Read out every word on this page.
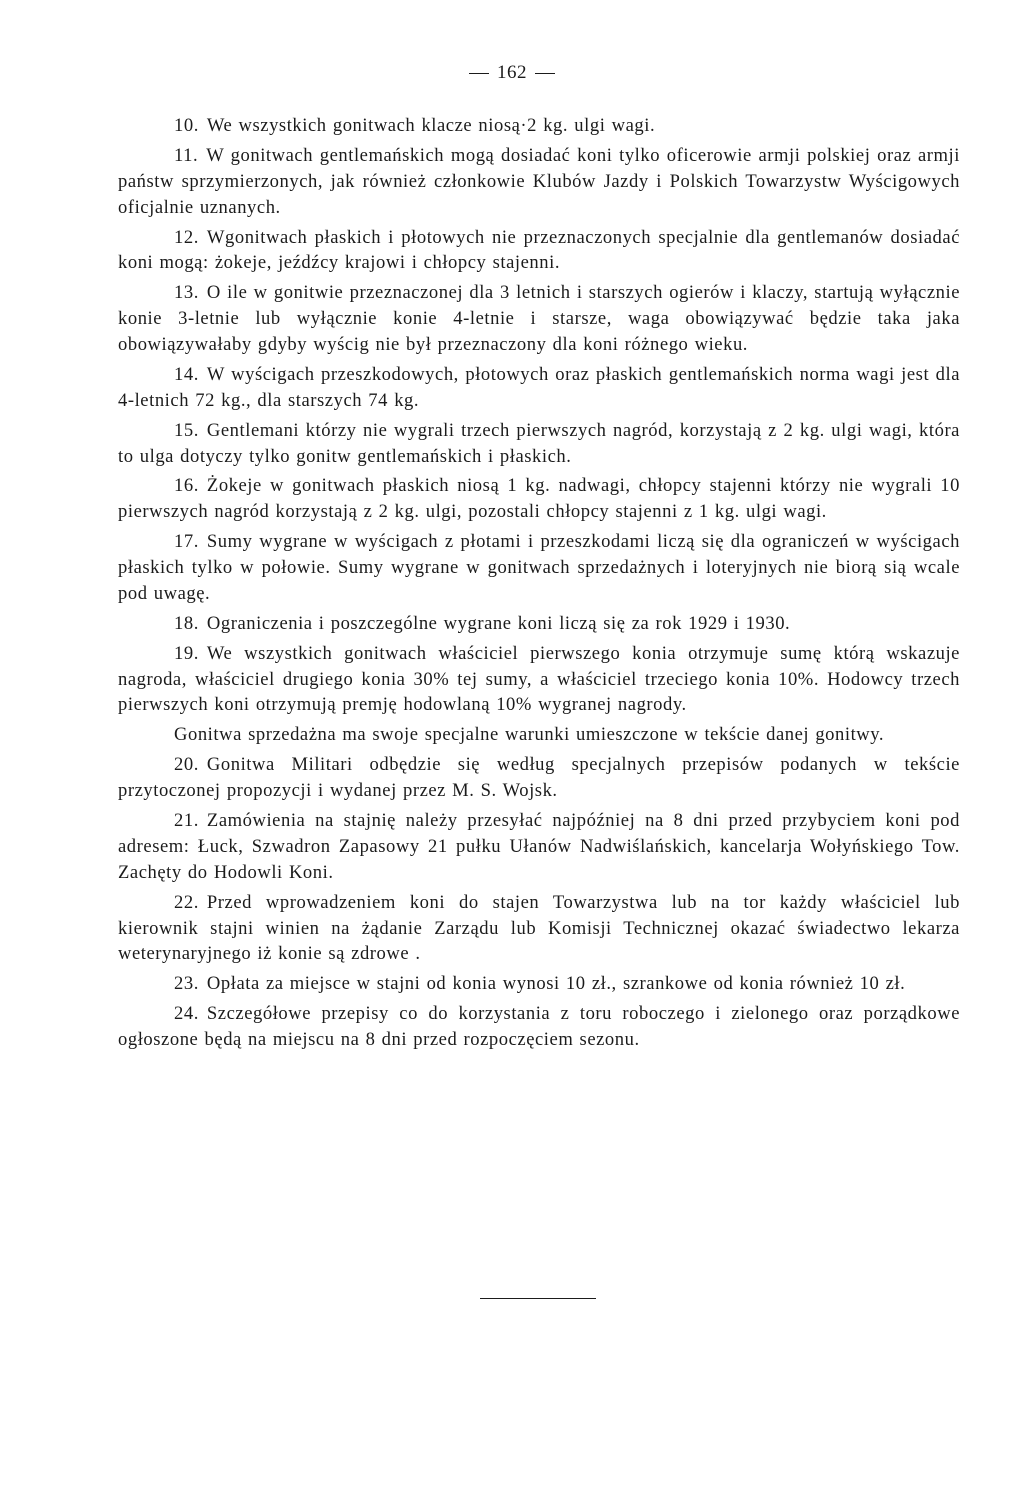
162

10. We wszystkich gonitwach klacze niosą·2 kg. ulgi wagi.

11. W gonitwach gentlemańskich mogą dosiadać koni tylko oficerowie armji polskiej oraz armji państw sprzymierzonych, jak również członkowie Klubów Jazdy i Polskich Towarzystw Wyścigowych oficjalnie uznanych.

12. Wgonitwach płaskich i płotowych nie przeznaczonych specjalnie dla gentlemanów dosiadać koni mogą: żokeje, jeźdźcy krajowi i chłopcy stajenni.

13. O ile w gonitwie przeznaczonej dla 3 letnich i starszych ogierów i klaczy, startują wyłącznie konie 3-letnie lub wyłącznie konie 4-letnie i starsze, waga obowiązywać będzie taka jaka obowiązywałaby gdyby wyścig nie był przeznaczony dla koni różnego wieku.

14. W wyścigach przeszkodowych, płotowych oraz płaskich gentlemańskich norma wagi jest dla 4-letnich 72 kg., dla starszych 74 kg.

15. Gentlemani którzy nie wygrali trzech pierwszych nagród, korzystają z 2 kg. ulgi wagi, która to ulga dotyczy tylko gonitw gentlemańskich i płaskich.

16. Żokeje w gonitwach płaskich niosą 1 kg. nadwagi, chłopcy stajenni którzy nie wygrali 10 pierwszych nagród korzystają z 2 kg. ulgi, pozostali chłopcy stajenni z 1 kg. ulgi wagi.

17. Sumy wygrane w wyścigach z płotami i przeszkodami liczą się dla ograniczeń w wyścigach płaskich tylko w połowie. Sumy wygrane w gonitwach sprzedażnych i loteryjnych nie biorą sią wcale pod uwagę.

18. Ograniczenia i poszczególne wygrane koni liczą się za rok 1929 i 1930.

19. We wszystkich gonitwach właściciel pierwszego konia otrzymuje sumę którą wskazuje nagroda, właściciel drugiego konia 30% tej sumy, a właściciel trzeciego konia 10%. Hodowcy trzech pierwszych koni otrzymują premję hodowlaną 10% wygranej nagrody.

Gonitwa sprzedażna ma swoje specjalne warunki umieszczone w tekście danej gonitwy.

20. Gonitwa Militari odbędzie się według specjalnych przepisów podanych w tekście przytoczonej propozycji i wydanej przez M. S. Wojsk.

21. Zamówienia na stajnię należy przesyłać najpóźniej na 8 dni przed przybyciem koni pod adresem: Łuck, Szwadron Zapasowy 21 pułku Ułanów Nadwiślańskich, kancelarja Wołyńskiego Tow. Zachęty do Hodowli Koni.

22. Przed wprowadzeniem koni do stajen Towarzystwa lub na tor każdy właściciel lub kierownik stajni winien na żądanie Zarządu lub Komisji Technicznej okazać świadectwo lekarza weterynaryjnego iż konie są zdrowe .

23. Opłata za miejsce w stajni od konia wynosi 10 zł., szrankowe od konia również 10 zł.

24. Szczegółowe przepisy co do korzystania z toru roboczego i zielonego oraz porządkowe ogłoszone będą na miejscu na 8 dni przed rozpoczęciem sezonu.
